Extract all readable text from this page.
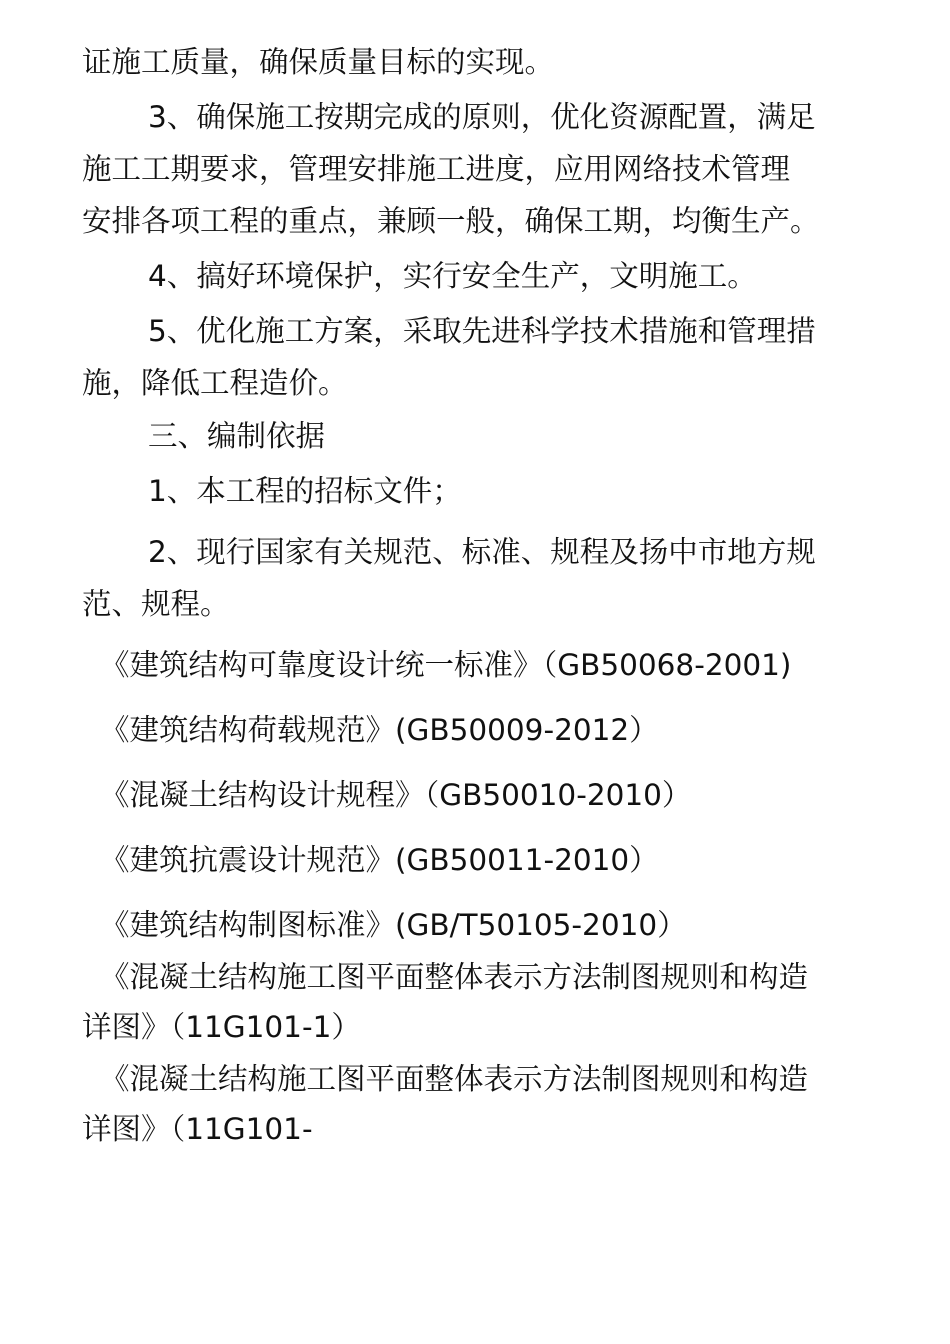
证施工质量，确保质量目标的实现。

3、确保施工按期完成的原则，优化资源配置，满足

施工工期要求，管理安排施工进度，应用网络技术管理

安排各项工程的重点，兼顾一般，确保工期，均衡生产。

4、搞好环境保护，实行安全生产，文明施工。

5、优化施工方案，采取先进科学技术措施和管理措

施，降低工程造价。

三、编制依据

1、本工程的招标文件；

2、现行国家有关规范、标准、规程及扬中市地方规

范、规程。

《建筑结构可靠度设计统一标准》（GB50068-2001)

《建筑结构荷载规范》(GB50009-2012）

《混凝土结构设计规程》（GB50010-2010）

《建筑抗震设计规范》(GB50011-2010）

《建筑结构制图标准》(GB/T50105-2010）

《混凝土结构施工图平面整体表示方法制图规则和构造

详图》（11G101-1）

《混凝土结构施工图平面整体表示方法制图规则和构造

详图》（11G101-
